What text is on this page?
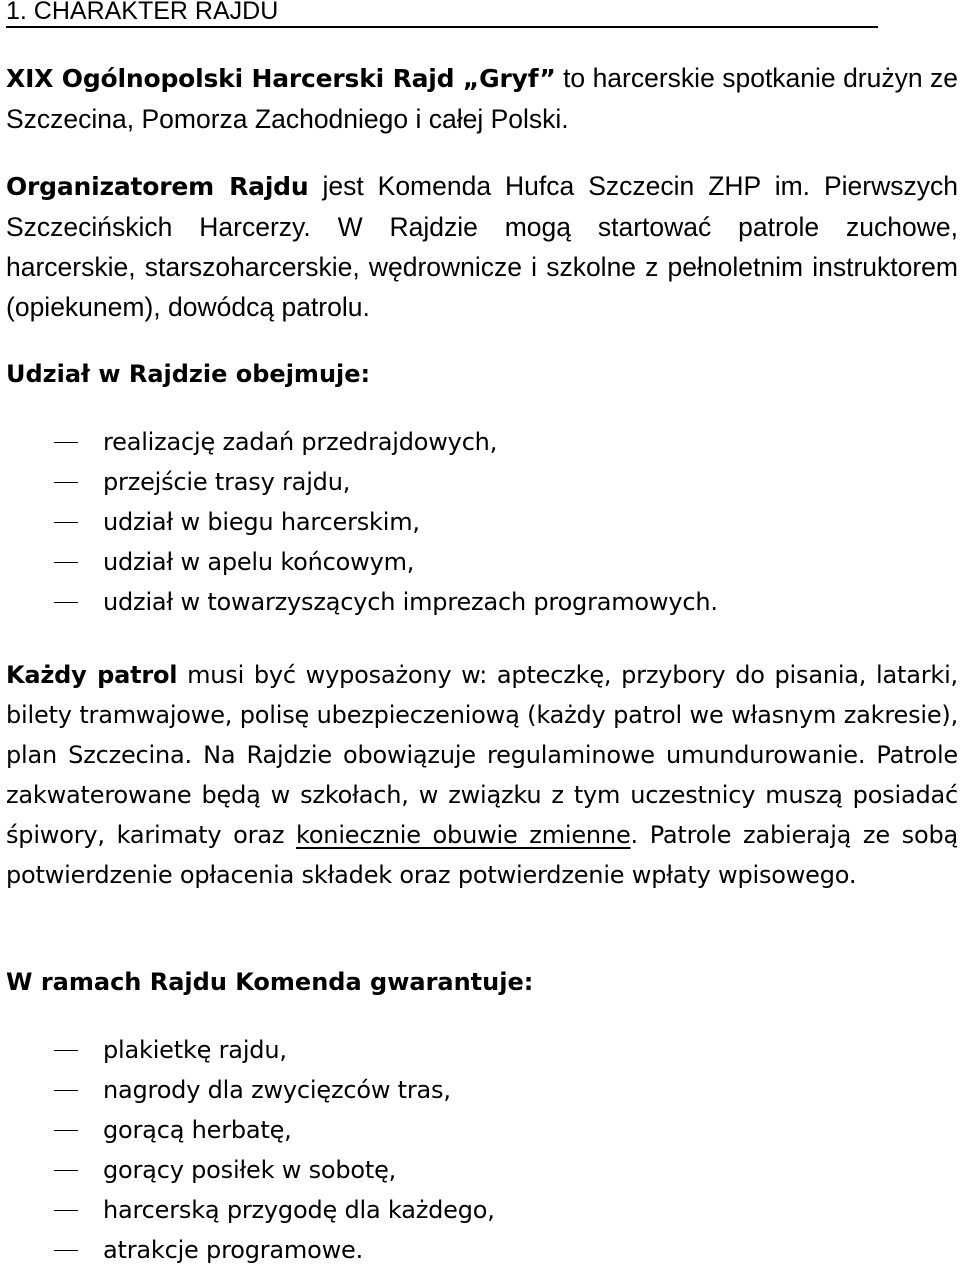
1. CHARAKTER RAJDU

XIX Ogólnopolski Harcerski Rajd „Gryf” to harcerskie spotkanie drużyn ze Szczecina, Pomorza Zachodniego i całej Polski.

Organizatorem Rajdu jest Komenda Hufca Szczecin ZHP im. Pierwszych Szczecińskich Harcerzy. W Rajdzie mogą startować patrole zuchowe, harcerskie, starszoharcerskie, wędrownicze i szkolne z pełnoletnim instruktorem (opiekunem), dowódcą patrolu.

Udział w Rajdzie obejmuje:
realizację zadań przedrajdowych,
przejście trasy rajdu,
udział w biegu harcerskim,
udział w apelu końcowym,
udział w towarzyszących imprezach programowych.

Każdy patrol musi być wyposażony w: apteczkę, przybory do pisania, latarki, bilety tramwajowe, polisę ubezpieczeniową (każdy patrol we własnym zakresie), plan Szczecina. Na Rajdzie obowiązuje regulaminowe umundurowanie. Patrole zakwaterowane będą w szkołach, w związku z tym uczestnicy muszą posiadać śpiwory, karimaty oraz koniecznie obuwie zmienne. Patrole zabierają ze sobą potwierdzenie opłacenia składek oraz potwierdzenie wpłaty wpisowego.

W ramach Rajdu Komenda gwarantuje:
plakietkę rajdu,
nagrody dla zwycięzców tras,
gorącą herbatę,
gorący posiłek w sobotę,
harcerską przygodę dla każdego,
atrakcje programowe.
